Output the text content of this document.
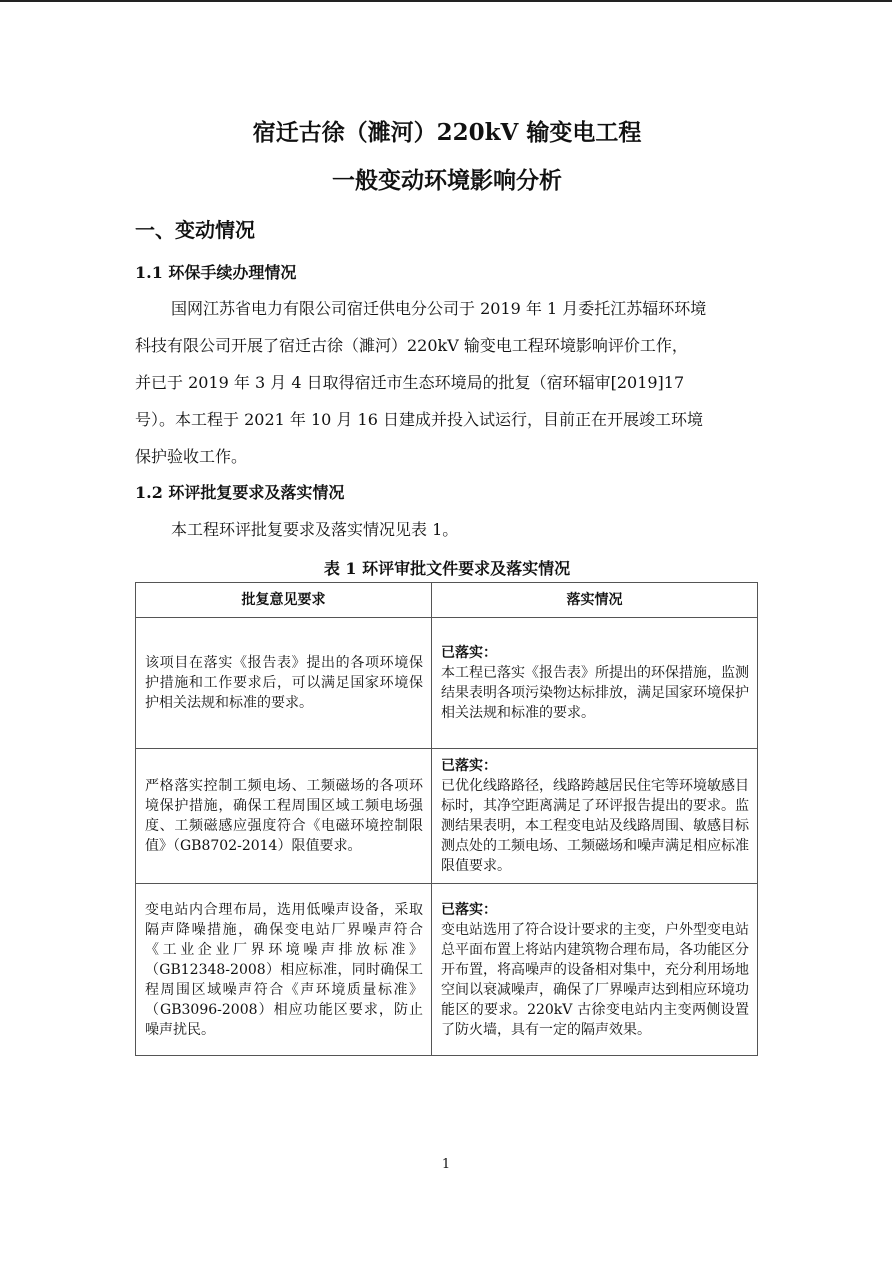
宿迁古徐（濉河）220kV 输变电工程
一般变动环境影响分析
一、变动情况
1.1 环保手续办理情况
国网江苏省电力有限公司宿迁供电分公司于 2019 年 1 月委托江苏辐环环境
科技有限公司开展了宿迁古徐（濉河）220kV 输变电工程环境影响评价工作，
并已于 2019 年 3 月 4 日取得宿迁市生态环境局的批复（宿环辐审[2019]17
号）。本工程于 2021 年 10 月 16 日建成并投入试运行，目前正在开展竣工环境
保护验收工作。
1.2 环评批复要求及落实情况
本工程环评批复要求及落实情况见表 1。
表 1 环评审批文件要求及落实情况
批复意见要求	落实情况
该项目在落实《报告表》提出的各项环境保护措施和工作要求后，可以满足国家环境保护相关法规和标准的要求。	已落实：
本工程已落实《报告表》所提出的环保措施，监测结果表明各项污染物达标排放，满足国家环境保护相关法规和标准的要求。
严格落实控制工频电场、工频磁场的各项环境保护措施，确保工程周围区域工频电场强度、工频磁感应强度符合《电磁环境控制限值》（GB8702-2014）限值要求。	已落实：
已优化线路路径，线路跨越居民住宅等环境敏感目标时，其净空距离满足了环评报告提出的要求。监测结果表明，本工程变电站及线路周围、敏感目标测点处的工频电场、工频磁场和噪声满足相应标准限值要求。
变电站内合理布局，选用低噪声设备，采取隔声降噪措施，确保变电站厂界噪声符合《工业企业厂界环境噪声排放标准》（GB12348-2008）相应标准，同时确保工程周围区域噪声符合《声环境质量标准》（GB3096-2008）相应功能区要求，防止噪声扰民。	已落实：
变电站选用了符合设计要求的主变，户外型变电站总平面布置上将站内建筑物合理布局，各功能区分开布置，将高噪声的设备相对集中，充分利用场地空间以衰减噪声，确保了厂界噪声达到相应环境功能区的要求。220kV 古徐变电站内主变两侧设置了防火墙，具有一定的隔声效果。
1
